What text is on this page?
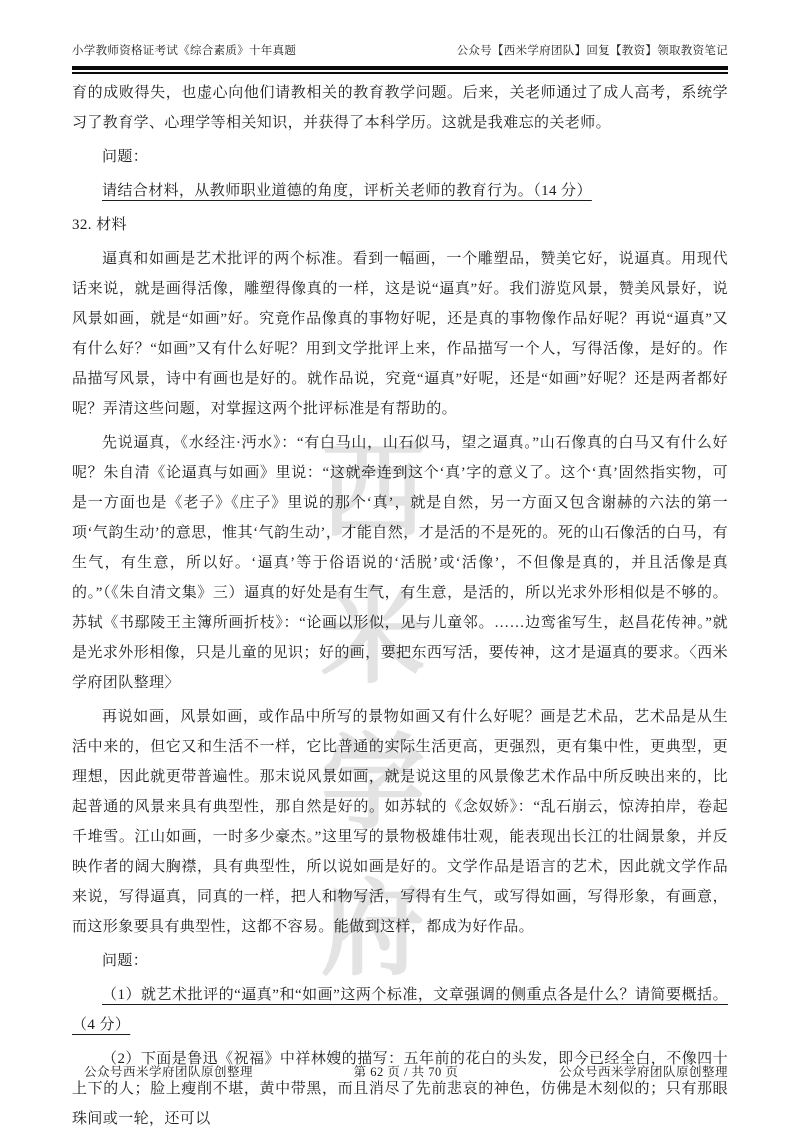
小学教师资格证考试《综合素质》十年真题	公众号【西米学府团队】回复【教资】领取教资笔记
西米
学府
育的成败得失，也虚心向他们请教相关的教育教学问题。后来，关老师通过了成人高考，系统学习了教育学、心理学等相关知识，并获得了本科学历。这就是我难忘的关老师。
问题：
请结合材料，从教师职业道德的角度，评析关老师的教育行为。（14 分）
32. 材料
逼真和如画是艺术批评的两个标准。看到一幅画，一个雕塑品，赞美它好，说逼真。用现代话来说，就是画得活像，雕塑得像真的一样，这是说“逼真”好。我们游览风景，赞美风景好，说风景如画，就是“如画”好。究竟作品像真的事物好呢，还是真的事物像作品好呢？再说“逼真”又有什么好？“如画”又有什么好呢？用到文学批评上来，作品描写一个人，写得活像，是好的。作品描写风景，诗中有画也是好的。就作品说，究竟“逼真”好呢，还是“如画”好呢？还是两者都好呢？弄清这些问题，对掌握这两个批评标准是有帮助的。
先说逼真，《水经注·沔水》：“有白马山，山石似马，望之逼真。”山石像真的白马又有什么好呢？朱自清《论逼真与如画》里说：“这就牵连到这个‘真’字的意义了。这个‘真’固然指实物，可是一方面也是《老子》《庄子》里说的那个‘真’，就是自然，另一方面又包含谢赫的六法的第一项‘气韵生动’的意思，惟其‘气韵生动’，才能自然，才是活的不是死的。死的山石像活的白马，有生气，有生意，所以好。‘逼真’等于俗语说的‘活脱’或‘活像’，不但像是真的，并且活像是真的。”（《朱自清文集》三）逼真的好处是有生气，有生意，是活的，所以光求外形相似是不够的。苏轼《书鄢陵王主簿所画折枝》：“论画以形似，见与儿童邻。……边鸾雀写生，赵昌花传神。”就是光求外形相像，只是儿童的见识；好的画，要把东西写活，要传神，这才是逼真的要求。〈西米学府团队整理〉
再说如画，风景如画，或作品中所写的景物如画又有什么好呢？画是艺术品，艺术品是从生活中来的，但它又和生活不一样，它比普通的实际生活更高，更强烈，更有集中性，更典型，更理想，因此就更带普遍性。那末说风景如画，就是说这里的风景像艺术作品中所反映出来的，比起普通的风景来具有典型性，那自然是好的。如苏轼的《念奴娇》：“乱石崩云，惊涛拍岸，卷起千堆雪。江山如画，一时多少豪杰。”这里写的景物极雄伟壮观，能表现出长江的壮阔景象，并反映作者的阔大胸襟，具有典型性，所以说如画是好的。文学作品是语言的艺术，因此就文学作品来说，写得逼真，同真的一样，把人和物写活，写得有生气，或写得如画，写得形象，有画意，而这形象要具有典型性，这都不容易。能做到这样，都成为好作品。
问题：
（1）就艺术批评的“逼真”和“如画”这两个标准，文章强调的侧重点各是什么？请简要概括。（4 分）
（2）下面是鲁迅《祝福》中祥林嫂的描写：五年前的花白的头发，即今已经全白，不像四十上下的人；脸上瘦削不堪，黄中带黑，而且消尽了先前悲哀的神色，仿佛是木刻似的；只有那眼珠间或一轮，还可以
公众号西米学府团队原创整理	第 62 页 / 共 70 页	公众号西米学府团队原创整理
